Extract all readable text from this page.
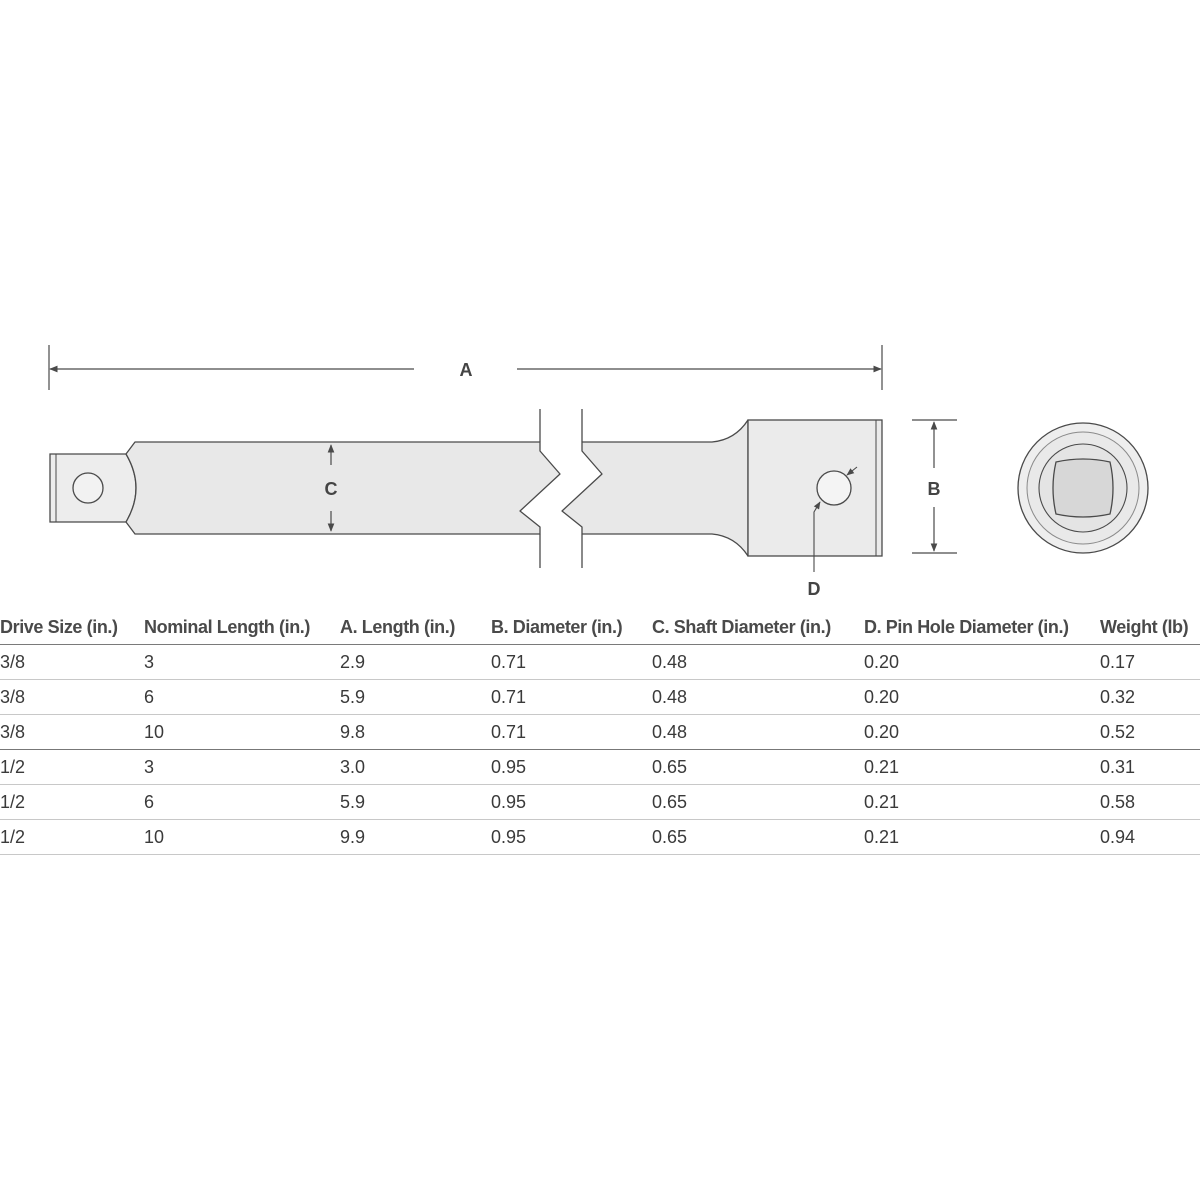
A
C
D
B
Drive Size (in.)	Nominal Length (in.)	A. Length (in.)	B. Diameter (in.)	C. Shaft Diameter (in.)	D. Pin Hole Diameter (in.)	Weight (lb)
3/8	3	2.9	0.71	0.48	0.20	0.17
3/8	6	5.9	0.71	0.48	0.20	0.32
3/8	10	9.8	0.71	0.48	0.20	0.52
1/2	3	3.0	0.95	0.65	0.21	0.31
1/2	6	5.9	0.95	0.65	0.21	0.58
1/2	10	9.9	0.95	0.65	0.21	0.94
